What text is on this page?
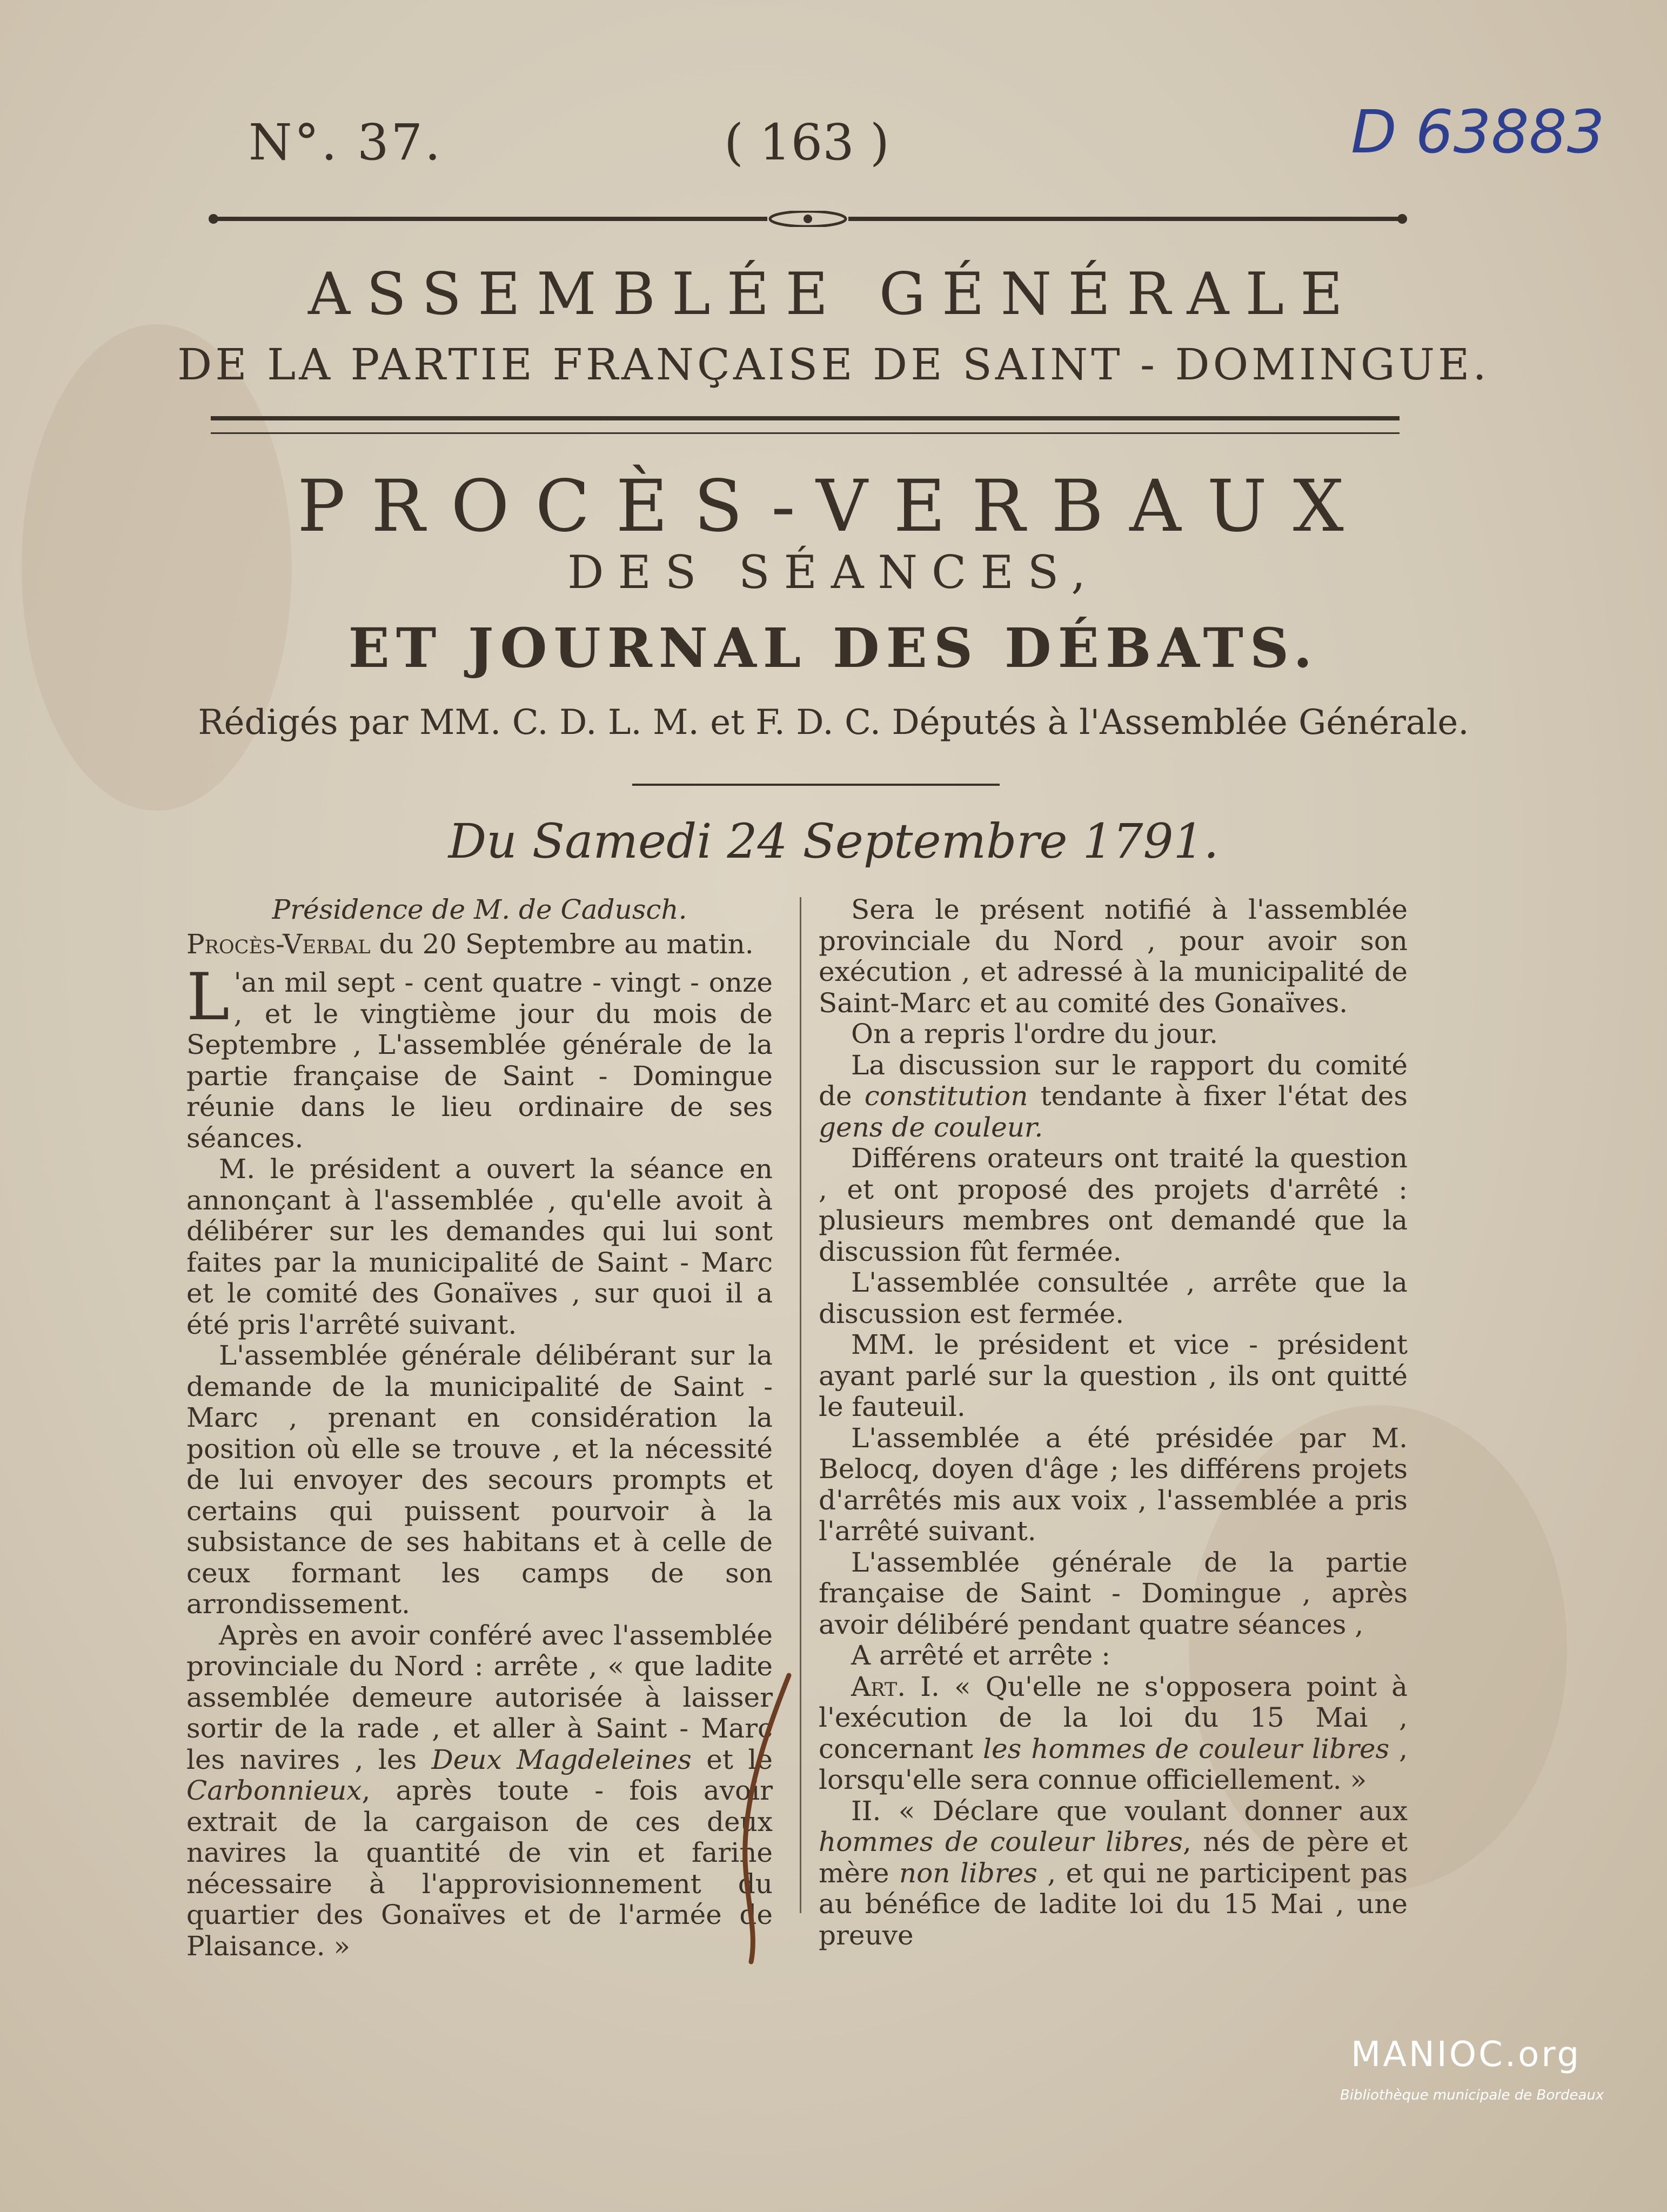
N°. 37.	( 163 )	D 63883
ASSEMBLÉE GÉNÉRALE
DE LA PARTIE FRANÇAISE DE SAINT - DOMINGUE.
PROCÈS-VERBAUX
DES SÉANCES,
ET JOURNAL DES DÉBATS.
Rédigés par MM. C. D. L. M. et F. D. C. Députés à l'Assemblée Générale.
Du Samedi 24 Septembre 1791.

Présidence de M. de Cadusch.

Procès-Verbal du 20 Septembre au matin.

L 'an mil sept - cent quatre - vingt - onze , et le vingtième jour du mois de Septembre , L'assemblée générale de la partie française de Saint - Domingue réunie dans le lieu ordinaire de ses séances.

M. le président a ouvert la séance en annonçant à l'assemblée , qu'elle avoit à délibérer sur les demandes qui lui sont faites par la municipalité de Saint - Marc et le comité des Gonaïves , sur quoi il a été pris l'arrêté suivant.

L'assemblée générale délibérant sur la demande de la municipalité de Saint - Marc , prenant en considération la position où elle se trouve , et la nécessité de lui envoyer des secours prompts et certains qui puissent pourvoir à la subsistance de ses habitans et à celle de ceux formant les camps de son arrondissement.

Après en avoir conféré avec l'assemblée provinciale du Nord : arrête , « que ladite assemblée demeure autorisée à laisser sortir de la rade , et aller à Saint - Marc les navires , les Deux Magdeleines et le Carbonnieux, après toute - fois avoir extrait de la cargaison de ces deux navires la quantité de vin et farine nécessaire à l'approvisionnement du quartier des Gonaïves et de l'armée de Plaisance. »

Sera le présent notifié à l'assemblée provinciale du Nord , pour avoir son exécution , et adressé à la municipalité de Saint-Marc et au comité des Gonaïves.

On a repris l'ordre du jour.

La discussion sur le rapport du comité de constitution tendante à fixer l'état des gens de couleur.

Différens orateurs ont traité la question , et ont proposé des projets d'arrêté : plusieurs membres ont demandé que la discussion fût fermée.

L'assemblée consultée , arrête que la discussion est fermée.

MM. le président et vice - président ayant parlé sur la question , ils ont quitté le fauteuil.

L'assemblée a été présidée par M. Belocq, doyen d'âge ; les différens projets d'arrêtés mis aux voix , l'assemblée a pris l'arrêté suivant.

L'assemblée générale de la partie française de Saint - Domingue , après avoir délibéré pendant quatre séances ,

A arrêté et arrête :

Art. I. « Qu'elle ne s'opposera point à l'exécution de la loi du 15 Mai , concernant les hommes de couleur libres , lorsqu'elle sera connue officiellement. »

II. « Déclare que voulant donner aux hommes de couleur libres, nés de père et mère non libres , et qui ne participent pas au bénéfice de ladite loi du 15 Mai , une preuve

MANIOC.org
Bibliothèque municipale de Bordeaux
